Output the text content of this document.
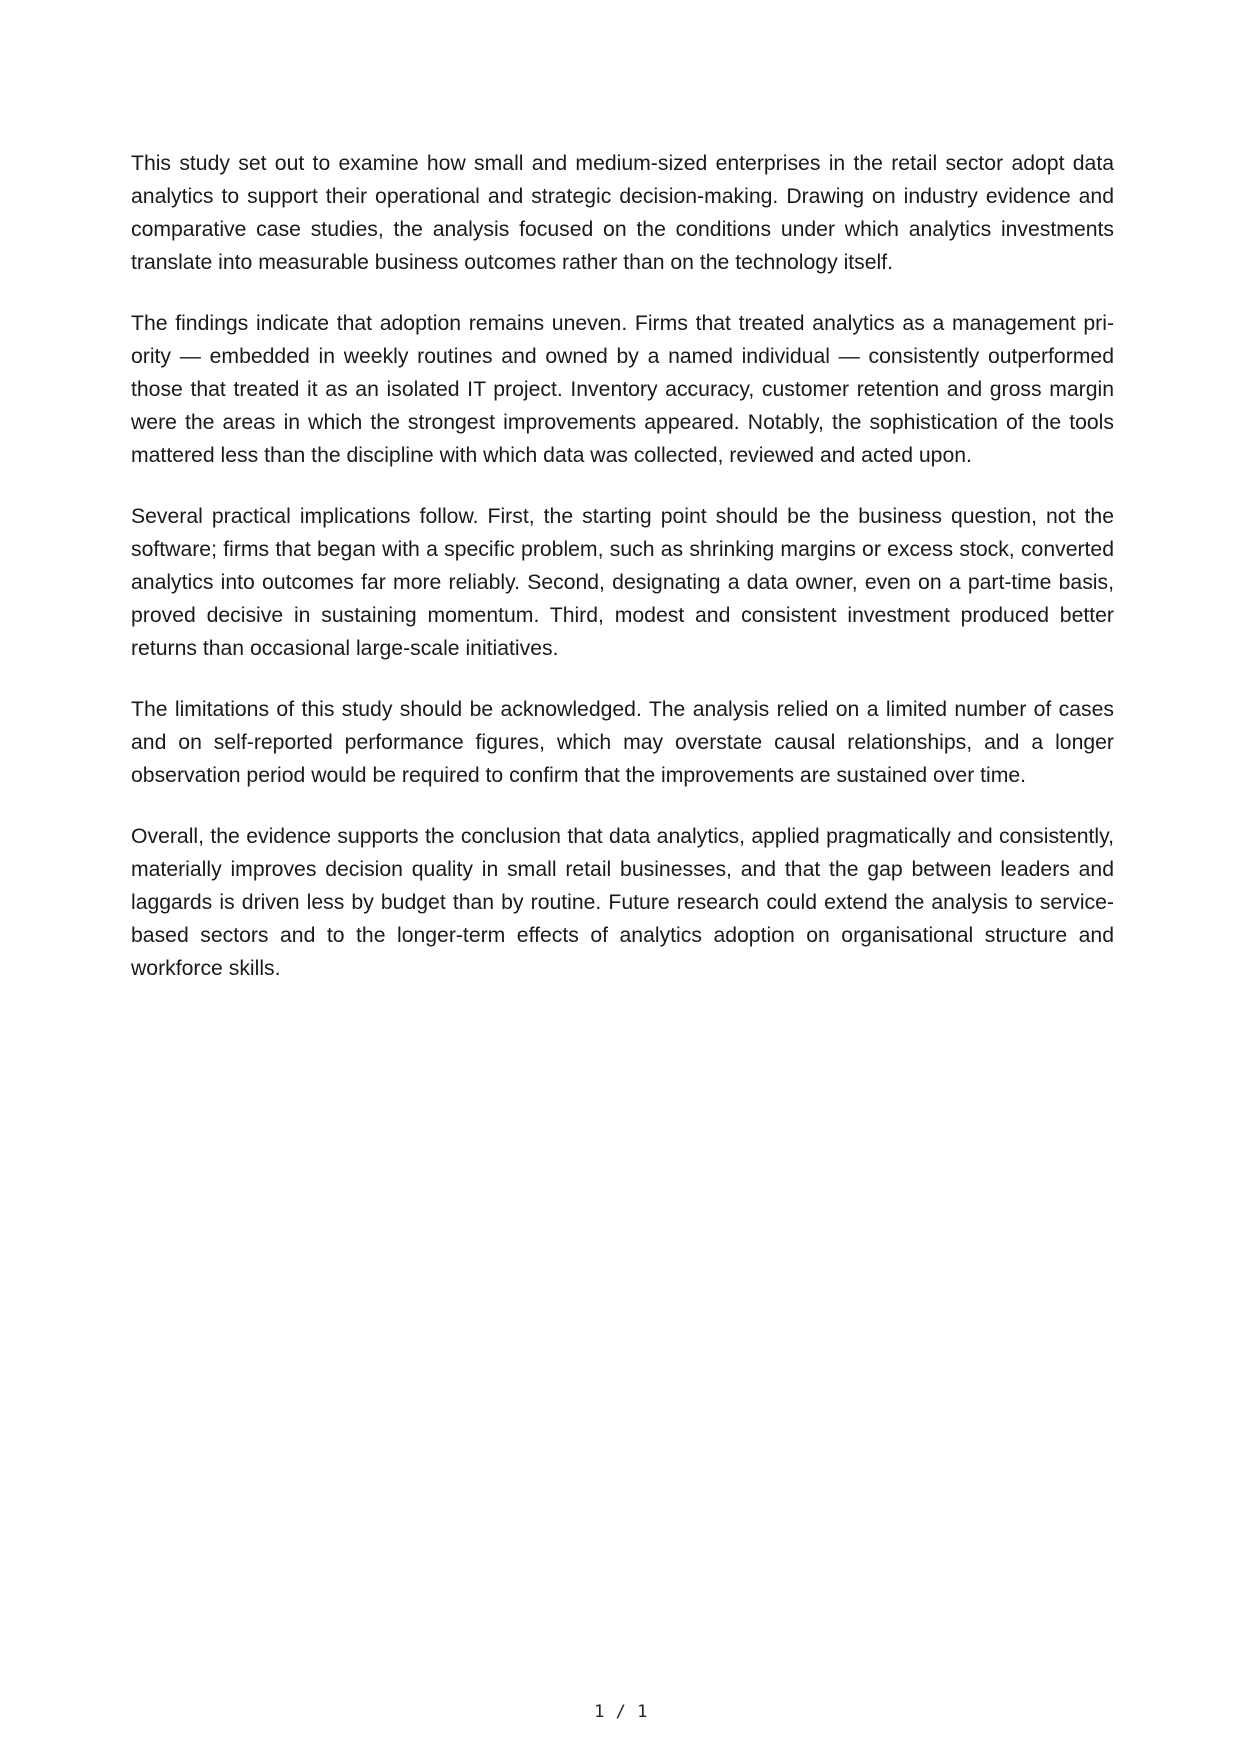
This study set out to examine how small and medium-sized enterprises in the retail sector adopt data analytics to support their operational and strategic decision-making. Drawing on industry evidence and comparative case studies, the analysis focused on the conditions under which analytics investments translate into measurable business outcomes rather than on the technology itself.

The findings indicate that adoption remains uneven. Firms that treated analytics as a management priority — embedded in weekly routines and owned by a named individual — consistently outperformed those that treated it as an isolated IT project. Inventory accuracy, customer retention and gross margin were the areas in which the strongest improvements appeared. Notably, the sophistication of the tools mattered less than the discipline with which data was collected, reviewed and acted upon.

Several practical implications follow. First, the starting point should be the business question, not the software; firms that began with a specific problem, such as shrinking margins or excess stock, converted analytics into outcomes far more reliably. Second, designating a data owner, even on a part-time basis, proved decisive in sustaining momentum. Third, modest and consistent investment produced better returns than occasional large-scale initiatives.

The limitations of this study should be acknowledged. The analysis relied on a limited number of cases and on self-reported performance figures, which may overstate causal relationships, and a longer observation period would be required to confirm that the improvements are sustained over time.

Overall, the evidence supports the conclusion that data analytics, applied pragmatically and consistently, materially improves decision quality in small retail businesses, and that the gap between leaders and laggards is driven less by budget than by routine. Future research could extend the analysis to service-based sectors and to the longer-term effects of analytics adoption on organisational structure and workforce skills.

1 / 1
